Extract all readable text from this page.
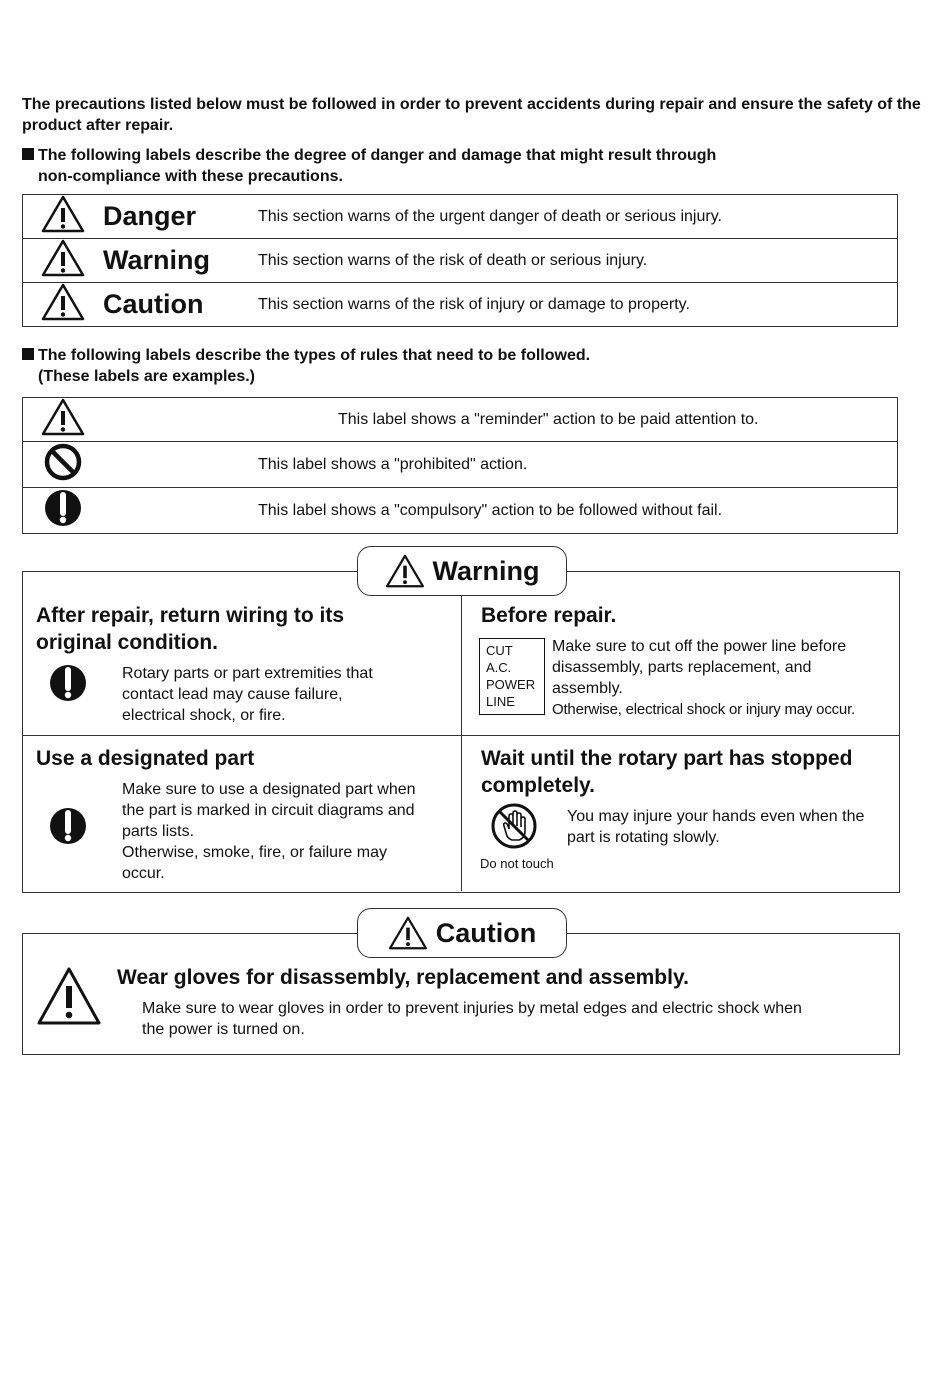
The precautions listed below must be followed in order to prevent accidents during repair and ensure the safety of the product after repair.
The following labels describe the degree of danger and damage that might result through
non-compliance with these precautions.
	Danger	This section warns of the urgent danger of death or serious injury.
	Warning	This section warns of the risk of death or serious injury.
	Caution	This section warns of the risk of injury or damage to property.
The following labels describe the types of rules that need to be followed.
(These labels are examples.)
	This label shows a "reminder" action to be paid attention to.
	This label shows a "prohibited" action.
	This label shows a "compulsory" action to be followed without fail.
Warning
After repair, return wiring to its
original condition.
Rotary parts or part extremities that
contact lead may cause failure,
electrical shock, or fire.
Before repair.
CUT
A.C.
POWER
LINE
Make sure to cut off the power line before
disassembly, parts replacement, and
assembly.
Otherwise, electrical shock or injury may occur.
Use a designated part
Make sure to use a designated part when
the part is marked in circuit diagrams and
parts lists.
Otherwise, smoke, fire, or failure may
occur.
Wait until the rotary part has stopped
completely.
Do not touch
You may injure your hands even when the
part is rotating slowly.
Caution
Wear gloves for disassembly, replacement and assembly.
Make sure to wear gloves in order to prevent injuries by metal edges and electric shock when
the power is turned on.
